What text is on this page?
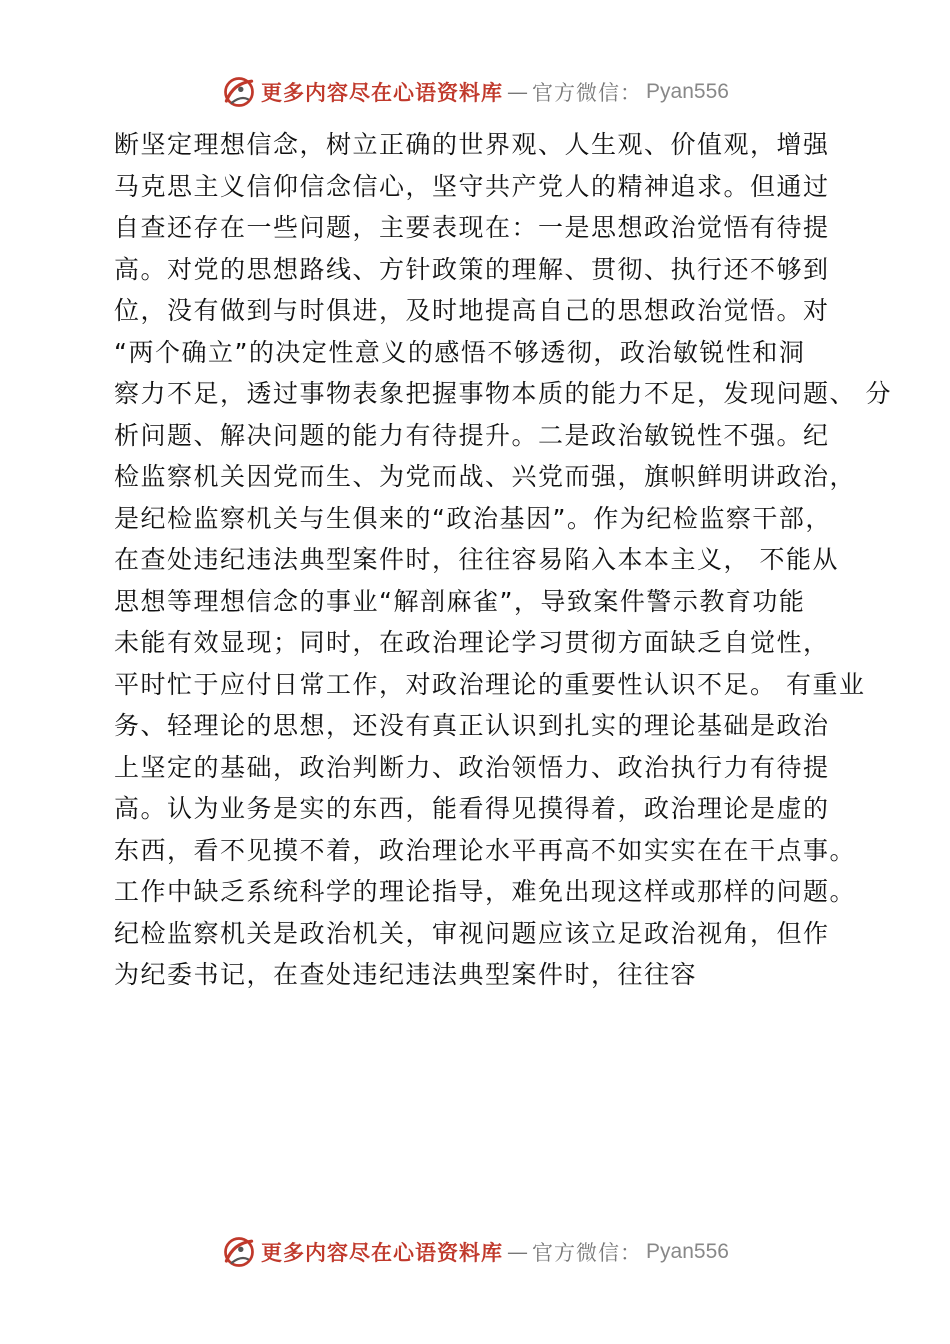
更多内容尽在心语资料库 — 官方微信： Pyan556
断坚定理想信念，树立正确的世界观、人生观、价值观，增强
马克思主义信仰信念信心，坚守共产党人的精神追求。但通过
自查还存在一些问题，主要表现在：一是思想政治觉悟有待提
高。对党的思想路线、方针政策的理解、贯彻、执行还不够到
位，没有做到与时俱进，及时地提高自己的思想政治觉悟。对
“两个确立”的决定性意义的感悟不够透彻，政治敏锐性和洞
察力不足，透过事物表象把握事物本质的能力不足，发现问题、 分
析问题、解决问题的能力有待提升。二是政治敏锐性不强。纪
检监察机关因党而生、为党而战、兴党而强，旗帜鲜明讲政治，
是纪检监察机关与生俱来的“政治基因”。作为纪检监察干部，
在查处违纪违法典型案件时，往往容易陷入本本主义， 不能从
思想等理想信念的事业“解剖麻雀”，导致案件警示教育功能
未能有效显现；同时，在政治理论学习贯彻方面缺乏自觉性，
平时忙于应付日常工作，对政治理论的重要性认识不足。 有重业
务、轻理论的思想，还没有真正认识到扎实的理论基础是政治
上坚定的基础，政治判断力、政治领悟力、政治执行力有待提
高。认为业务是实的东西，能看得见摸得着，政治理论是虚的
东西，看不见摸不着，政治理论水平再高不如实实在在干点事。
工作中缺乏系统科学的理论指导，难免出现这样或那样的问题。
纪检监察机关是政治机关，审视问题应该立足政治视角，但作
为纪委书记，在查处违纪违法典型案件时，往往容
更多内容尽在心语资料库 — 官方微信： Pyan556
